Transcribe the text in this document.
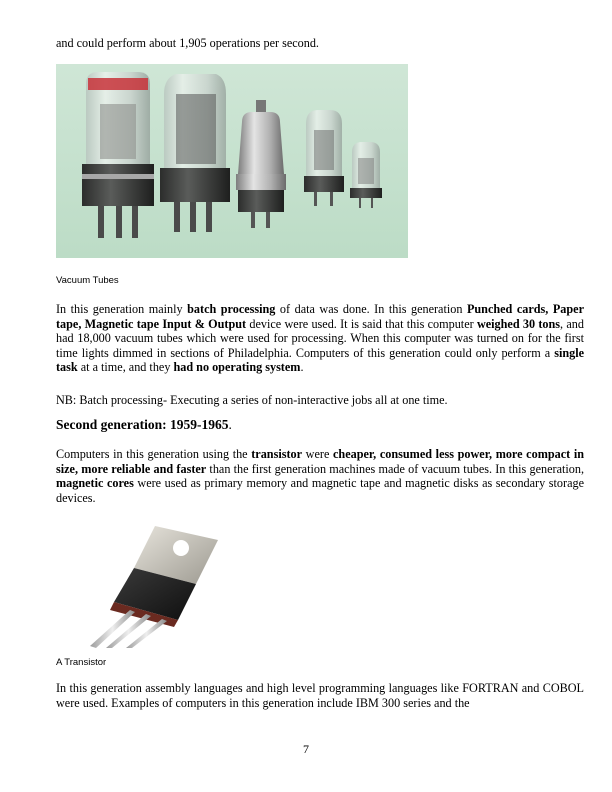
and could perform about 1,905 operations per second.
Vacuum Tubes
In this generation mainly batch processing of data was done. In this generation Punched cards, Paper tape, Magnetic tape Input & Output device were used. It is said that this computer weighed 30 tons, and had 18,000 vacuum tubes which were used for processing. When this computer was turned on for the first time lights dimmed in sections of Philadelphia. Computers of this generation could only perform a single task at a time, and they had no operating system.
NB: Batch processing- Executing a series of non-interactive jobs all at one time.
Second generation: 1959-1965.
Computers in this generation using the transistor were cheaper, consumed less power, more compact in size, more reliable and faster than the first generation machines made of vacuum tubes. In this generation, magnetic cores were used as primary memory and magnetic tape and magnetic disks as secondary storage devices.
A Transistor
In this generation assembly languages and high level programming languages like FORTRAN and COBOL were used. Examples of computers in this generation include IBM 300 series and the
7
